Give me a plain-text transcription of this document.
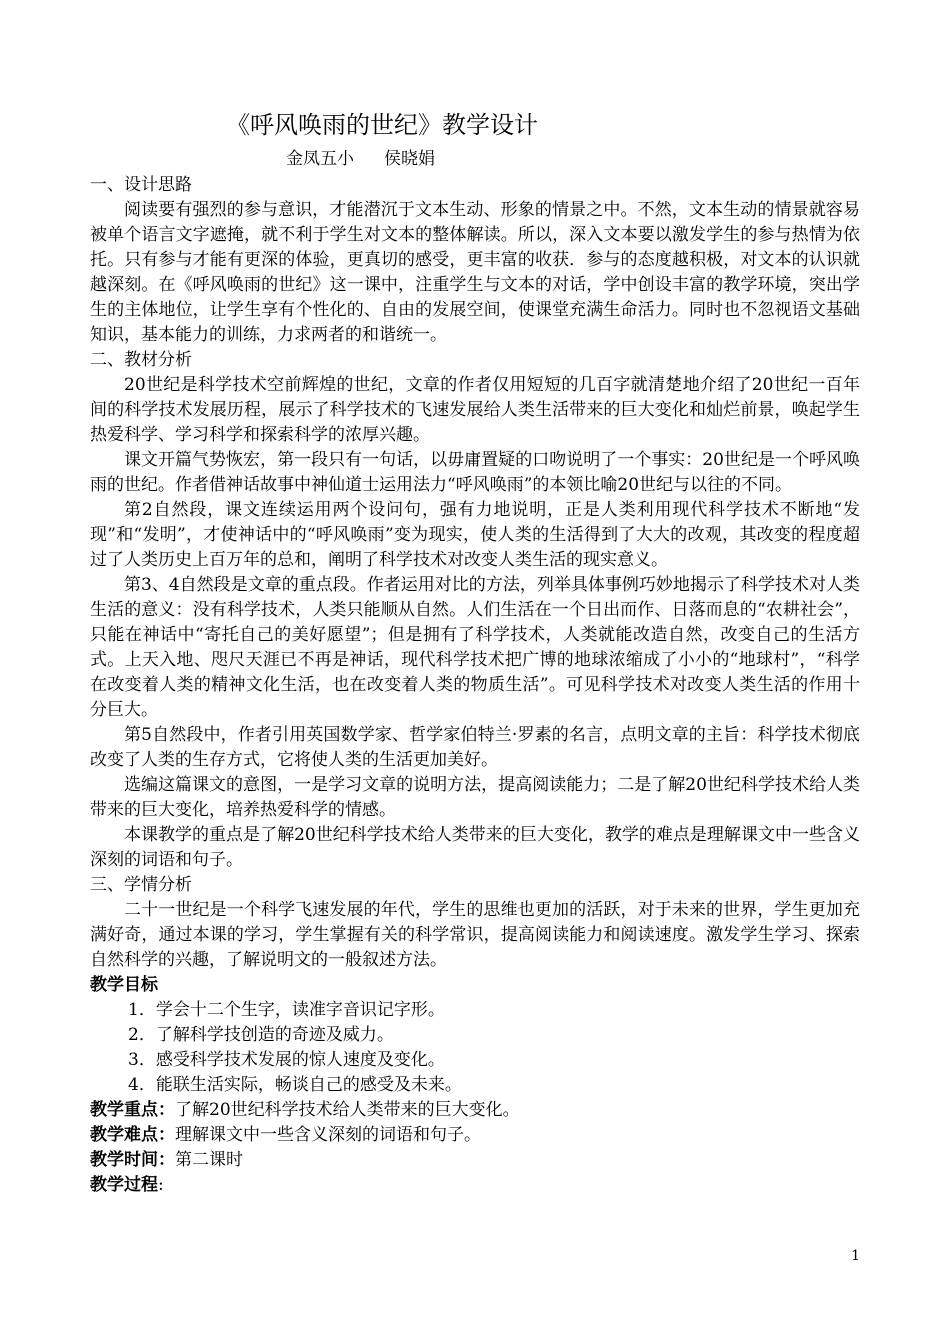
《呼风唤雨的世纪》教学设计
金凤五小 侯晓娟
一、设计思路
阅读要有强烈的参与意识，才能潜沉于文本生动、形象的情景之中。不然，文本生动的情景就容易被单个语言文字遮掩，就不利于学生对文本的整体解读。所以，深入文本要以激发学生的参与热情为依托。只有参与才能有更深的体验，更真切的感受，更丰富的收获．参与的态度越积极，对文本的认识就越深刻。在《呼风唤雨的世纪》这一课中，注重学生与文本的对话，学中创设丰富的教学环境，突出学生的主体地位，让学生享有个性化的、自由的发展空间，使课堂充满生命活力。同时也不忽视语文基础知识，基本能力的训练，力求两者的和谐统一。
二、教材分析
20世纪是科学技术空前辉煌的世纪，文章的作者仅用短短的几百字就清楚地介绍了20世纪一百年间的科学技术发展历程，展示了科学技术的飞速发展给人类生活带来的巨大变化和灿烂前景，唤起学生热爱科学、学习科学和探索科学的浓厚兴趣。
课文开篇气势恢宏，第一段只有一句话，以毋庸置疑的口吻说明了一个事实：20世纪是一个呼风唤雨的世纪。作者借神话故事中神仙道士运用法力“呼风唤雨”的本领比喻20世纪与以往的不同。
第2自然段，课文连续运用两个设问句，强有力地说明，正是人类利用现代科学技术不断地“发现”和“发明”，才使神话中的“呼风唤雨”变为现实，使人类的生活得到了大大的改观，其改变的程度超过了人类历史上百万年的总和，阐明了科学技术对改变人类生活的现实意义。
第3、4自然段是文章的重点段。作者运用对比的方法，列举具体事例巧妙地揭示了科学技术对人类生活的意义：没有科学技术，人类只能顺从自然。人们生活在一个日出而作、日落而息的“农耕社会”，只能在神话中“寄托自己的美好愿望”；但是拥有了科学技术，人类就能改造自然，改变自己的生活方式。上天入地、咫尺天涯已不再是神话，现代科学技术把广博的地球浓缩成了小小的“地球村”，“科学在改变着人类的精神文化生活，也在改变着人类的物质生活”。可见科学技术对改变人类生活的作用十分巨大。
第5自然段中，作者引用英国数学家、哲学家伯特兰·罗素的名言，点明文章的主旨：科学技术彻底改变了人类的生存方式，它将使人类的生活更加美好。
选编这篇课文的意图，一是学习文章的说明方法，提高阅读能力；二是了解20世纪科学技术给人类带来的巨大变化，培养热爱科学的情感。
本课教学的重点是了解20世纪科学技术给人类带来的巨大变化，教学的难点是理解课文中一些含义深刻的词语和句子。
三、学情分析
二十一世纪是一个科学飞速发展的年代，学生的思维也更加的活跃，对于未来的世界，学生更加充满好奇，通过本课的学习，学生掌握有关的科学常识，提高阅读能力和阅读速度。激发学生学习、探索自然科学的兴趣，了解说明文的一般叙述方法。
教学目标
1．学会十二个生字，读准字音识记字形。
2．了解科学技创造的奇迹及威力。
3．感受科学技术发展的惊人速度及变化。
4．能联生活实际，畅谈自己的感受及未来。
教学重点：了解20世纪科学技术给人类带来的巨大变化。
教学难点：理解课文中一些含义深刻的词语和句子。
教学时间：第二课时
教学过程:
1
